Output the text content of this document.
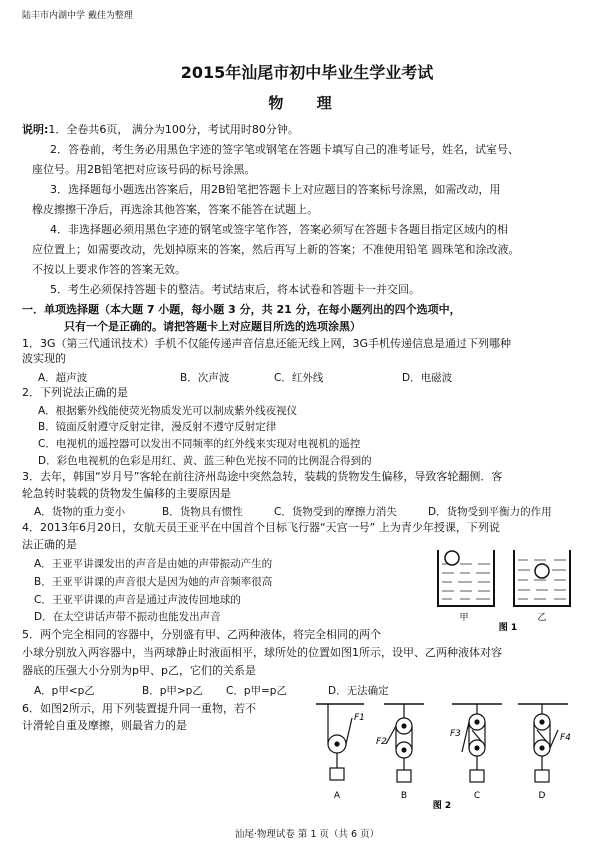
陆丰市内湖中学 戴佳为整理
2015年汕尾市初中毕业生学业考试
物 理
说明:1．全卷共6页， 满分为100分，考试用时80分钟。
2．答卷前，考生务必用黑色字迹的签字笔或钢笔在答题卡填写自己的准考证号，姓名，试室号、
座位号。用2B铅笔把对应该号码的标号涂黑。
3．选择题每小题选出答案后，用2B铅笔把答题卡上对应题目的答案标号涂黑，如需改动，用
橡皮擦擦干净后，再选涂其他答案，答案不能答在试题上。
4．非选择题必须用黑色字迹的钢笔或签字笔作答，答案必须写在答题卡各题目指定区域内的相
应位置上；如需要改动，先划掉原来的答案，然后再写上新的答案；不准使用铅笔 圆珠笔和涂改液。
不按以上要求作答的答案无效。
5．考生必须保持答题卡的整洁。考试结束后，将本试卷和答题卡一并交回。
一．单项选择题（本大题 7 小题，每小题 3 分，共 21 分，在每小题列出的四个选项中，
只有一个是正确的。请把答题卡上对应题目所选的选项涂黑）
1．3G（第三代通讯技术）手机不仅能传递声音信息还能无线上网，3G手机传递信息是通过下列哪种
波实现的
A．超声波	B．次声波	C．红外线	D．电磁波
2．下列说法正确的是
A．根据紫外线能使荧光物质发光可以制成紫外线夜视仪
B．镜面反射遵守反射定律，漫反射不遵守反射定律
C．电视机的遥控器可以发出不同频率的红外线来实现对电视机的遥控
D．彩色电视机的色彩是用红、黄、蓝三种色光按不同的比例混合得到的
3．去年，韩国“岁月号”客轮在前往济州岛途中突然急转，装载的货物发生偏移，导致客轮翻侧．客
轮急转时装载的货物发生偏移的主要原因是
A．货物的重力变小	B．货物具有惯性	C．货物受到的摩擦力消失	D．货物受到平衡力的作用
4．2013年6月20日，女航天员王亚平在中国首个目标飞行器“天宫一号” 上为青少年授课，下列说
法正确的是
A．王亚平讲课发出的声音是由她的声带振动产生的
B．王亚平讲课的声音很大是因为她的声音频率很高
C．王亚平讲课的声音是通过声波传回地球的
D．在太空讲话声带不振动也能发出声音	甲	乙
图 1
5．两个完全相同的容器中，分别盛有甲、乙两种液体，将完全相同的两个
小球分别放入两容器中，当两球静止时液面相平，球所处的位置如图1所示，设甲、乙两种液体对容
器底的压强大小分别为p甲、p乙，它们的关系是
A．p甲<p乙	B．p甲>p乙 C．p甲=p乙	D．无法确定
6．如图2所示，用下列装置提升同一重物，若不
计滑轮自重及摩擦，则最省力的是
F1
A
F2
B
F3
C
F4
D
图 2
汕尾·物理试卷 第 1 页（共 6 页）
